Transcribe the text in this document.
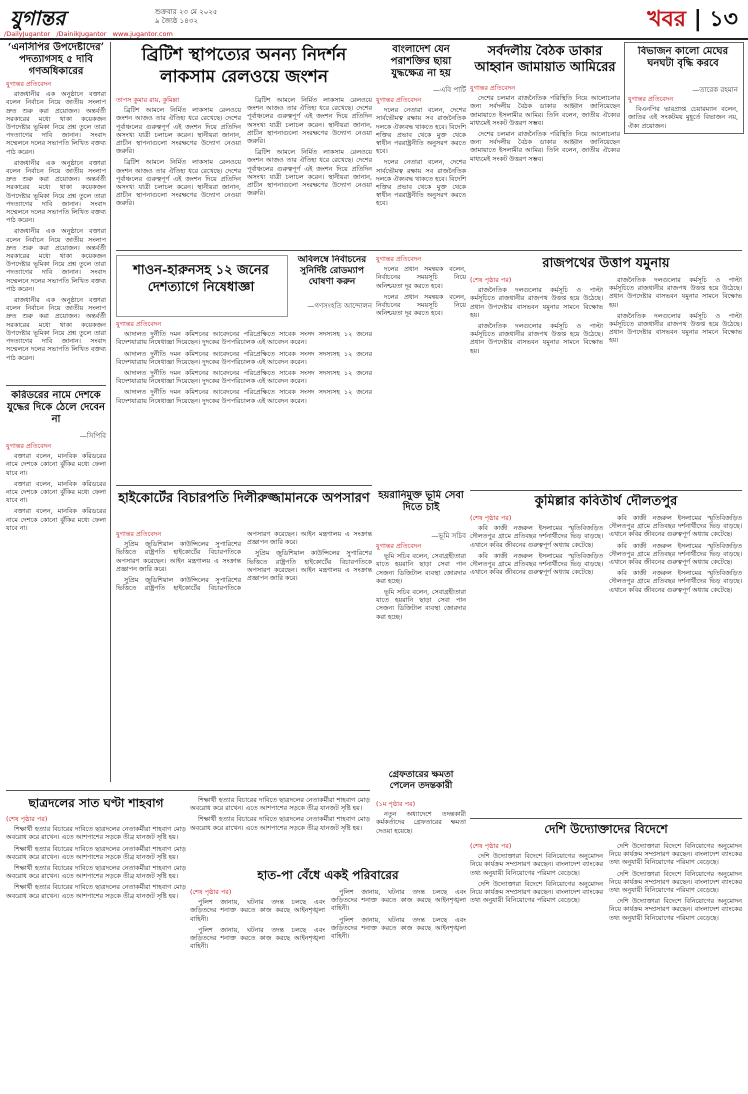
যুগান্তর	শুক্রবার ২৩ মে ২০২৫
৯ জ্যৈষ্ঠ ১৪৩২
/DailyJugantor /DainikJugantor www.jugantor.com
খবর | ১৩
‘এনসিপির উপদেষ্টাদের’ পদত্যাগসহ ৫ দাবি গণঅধিকারের
যুগান্তর প্রতিবেদন

রাজধানীর এক অনুষ্ঠানে বক্তারা বলেন নির্বাচন নিয়ে জাতীয় সংলাপ দ্রুত শুরু করা প্রয়োজন। অন্তর্বর্তী সরকারের মধ্যে থাকা কয়েকজন উপদেষ্টার ভূমিকা নিয়ে প্রশ্ন তুলে তারা পদত্যাগের দাবি জানান। সংবাদ সম্মেলনে দলের সভাপতি লিখিত বক্তব্য পাঠ করেন।

রাজধানীর এক অনুষ্ঠানে বক্তারা বলেন নির্বাচন নিয়ে জাতীয় সংলাপ দ্রুত শুরু করা প্রয়োজন। অন্তর্বর্তী সরকারের মধ্যে থাকা কয়েকজন উপদেষ্টার ভূমিকা নিয়ে প্রশ্ন তুলে তারা পদত্যাগের দাবি জানান। সংবাদ সম্মেলনে দলের সভাপতি লিখিত বক্তব্য পাঠ করেন।

রাজধানীর এক অনুষ্ঠানে বক্তারা বলেন নির্বাচন নিয়ে জাতীয় সংলাপ দ্রুত শুরু করা প্রয়োজন। অন্তর্বর্তী সরকারের মধ্যে থাকা কয়েকজন উপদেষ্টার ভূমিকা নিয়ে প্রশ্ন তুলে তারা পদত্যাগের দাবি জানান। সংবাদ সম্মেলনে দলের সভাপতি লিখিত বক্তব্য পাঠ করেন।

রাজধানীর এক অনুষ্ঠানে বক্তারা বলেন নির্বাচন নিয়ে জাতীয় সংলাপ দ্রুত শুরু করা প্রয়োজন। অন্তর্বর্তী সরকারের মধ্যে থাকা কয়েকজন উপদেষ্টার ভূমিকা নিয়ে প্রশ্ন তুলে তারা পদত্যাগের দাবি জানান। সংবাদ সম্মেলনে দলের সভাপতি লিখিত বক্তব্য পাঠ করেন।

করিডরের নামে দেশকে যুদ্ধের দিকে ঠেলে দেবেন না
—সিপিবি
যুগান্তর প্রতিবেদন

বক্তারা বলেন, মানবিক করিডরের নামে দেশকে কোনো ঝুঁকির মধ্যে ফেলা যাবে না।

বক্তারা বলেন, মানবিক করিডরের নামে দেশকে কোনো ঝুঁকির মধ্যে ফেলা যাবে না।

বক্তারা বলেন, মানবিক করিডরের নামে দেশকে কোনো ঝুঁকির মধ্যে ফেলা যাবে না।

ব্রিটিশ স্থাপত্যের অনন্য নিদর্শন লাকসাম রেলওয়ে জংশন
তাপস কুমার রায়, কুমিল্লা

ব্রিটিশ আমলে নির্মিত লাকসাম রেলওয়ে জংশন আজও তার ঐতিহ্য ধরে রেখেছে। দেশের পূর্বাঞ্চলের গুরুত্বপূর্ণ এই জংশন দিয়ে প্রতিদিন অসংখ্য যাত্রী চলাচল করেন। স্থানীয়রা জানান, প্রাচীন স্থাপনাগুলো সংরক্ষণের উদ্যোগ নেওয়া জরুরি।

ব্রিটিশ আমলে নির্মিত লাকসাম রেলওয়ে জংশন আজও তার ঐতিহ্য ধরে রেখেছে। দেশের পূর্বাঞ্চলের গুরুত্বপূর্ণ এই জংশন দিয়ে প্রতিদিন অসংখ্য যাত্রী চলাচল করেন। স্থানীয়রা জানান, প্রাচীন স্থাপনাগুলো সংরক্ষণের উদ্যোগ নেওয়া জরুরি।

ব্রিটিশ আমলে নির্মিত লাকসাম রেলওয়ে জংশন আজও তার ঐতিহ্য ধরে রেখেছে। দেশের পূর্বাঞ্চলের গুরুত্বপূর্ণ এই জংশন দিয়ে প্রতিদিন অসংখ্য যাত্রী চলাচল করেন। স্থানীয়রা জানান, প্রাচীন স্থাপনাগুলো সংরক্ষণের উদ্যোগ নেওয়া জরুরি।

ব্রিটিশ আমলে নির্মিত লাকসাম রেলওয়ে জংশন আজও তার ঐতিহ্য ধরে রেখেছে। দেশের পূর্বাঞ্চলের গুরুত্বপূর্ণ এই জংশন দিয়ে প্রতিদিন অসংখ্য যাত্রী চলাচল করেন। স্থানীয়রা জানান, প্রাচীন স্থাপনাগুলো সংরক্ষণের উদ্যোগ নেওয়া জরুরি।

বাংলাদেশ যেন পরাশক্তির ছায়া যুদ্ধক্ষেত্র না হয়
—এবি পার্টি
যুগান্তর প্রতিবেদন

দলের নেতারা বলেন, দেশের সার্বভৌমত্ব রক্ষায় সব রাজনৈতিক দলকে ঐক্যবদ্ধ থাকতে হবে। বিদেশি শক্তির প্রভাব থেকে মুক্ত থেকে স্বাধীন পররাষ্ট্রনীতি অনুসরণ করতে হবে।

দলের নেতারা বলেন, দেশের সার্বভৌমত্ব রক্ষায় সব রাজনৈতিক দলকে ঐক্যবদ্ধ থাকতে হবে। বিদেশি শক্তির প্রভাব থেকে মুক্ত থেকে স্বাধীন পররাষ্ট্রনীতি অনুসরণ করতে হবে।

সর্বদলীয় বৈঠক ডাকার আহ্বান জামায়াত আমিরের
যুগান্তর প্রতিবেদন

দেশের চলমান রাজনৈতিক পরিস্থিতি নিয়ে আলোচনার জন্য সর্বদলীয় বৈঠক ডাকার আহ্বান জানিয়েছেন জামায়াতে ইসলামীর আমির। তিনি বলেন, জাতীয় ঐক্যের মাধ্যমেই সংকট উত্তরণ সম্ভব।

দেশের চলমান রাজনৈতিক পরিস্থিতি নিয়ে আলোচনার জন্য সর্বদলীয় বৈঠক ডাকার আহ্বান জানিয়েছেন জামায়াতে ইসলামীর আমির। তিনি বলেন, জাতীয় ঐক্যের মাধ্যমেই সংকট উত্তরণ সম্ভব।

বিভাজন কালো মেঘের ঘনঘটা বৃদ্ধি করবে
—তারেক রহমান
যুগান্তর প্রতিবেদন

বিএনপির ভারপ্রাপ্ত চেয়ারম্যান বলেন, জাতির এই সংকটময় মুহূর্তে বিভাজন নয়, ঐক্য প্রয়োজন।

শাওন-হারুনসহ ১২ জনের দেশত্যাগে নিষেধাজ্ঞা
যুগান্তর প্রতিবেদন

আদালত দুর্নীতি দমন কমিশনের আবেদনের পরিপ্রেক্ষিতে সাবেক সংসদ সদস্যসহ ১২ জনের বিদেশযাত্রায় নিষেধাজ্ঞা দিয়েছেন। দুদকের উপপরিচালক এই আবেদন করেন।

আদালত দুর্নীতি দমন কমিশনের আবেদনের পরিপ্রেক্ষিতে সাবেক সংসদ সদস্যসহ ১২ জনের বিদেশযাত্রায় নিষেধাজ্ঞা দিয়েছেন। দুদকের উপপরিচালক এই আবেদন করেন।

আদালত দুর্নীতি দমন কমিশনের আবেদনের পরিপ্রেক্ষিতে সাবেক সংসদ সদস্যসহ ১২ জনের বিদেশযাত্রায় নিষেধাজ্ঞা দিয়েছেন। দুদকের উপপরিচালক এই আবেদন করেন।

আদালত দুর্নীতি দমন কমিশনের আবেদনের পরিপ্রেক্ষিতে সাবেক সংসদ সদস্যসহ ১২ জনের বিদেশযাত্রায় নিষেধাজ্ঞা দিয়েছেন। দুদকের উপপরিচালক এই আবেদন করেন।

অবিলম্বে নির্বাচনের সুনির্দিষ্ট রোডম্যাপ ঘোষণা করুন
—গণসংহতি আন্দোলন
যুগান্তর প্রতিবেদন

দলের প্রধান সমন্বয়ক বলেন, নির্বাচনের সময়সূচি নিয়ে অনিশ্চয়তা দূর করতে হবে।

দলের প্রধান সমন্বয়ক বলেন, নির্বাচনের সময়সূচি নিয়ে অনিশ্চয়তা দূর করতে হবে।

রাজপথের উত্তাপ যমুনায়
(শেষ পৃষ্ঠার পর)

রাজনৈতিক দলগুলোর কর্মসূচি ও পাল্টা কর্মসূচিতে রাজধানীর রাজপথ উত্তপ্ত হয়ে উঠেছে। প্রধান উপদেষ্টার বাসভবন যমুনার সামনে বিক্ষোভ হয়।

রাজনৈতিক দলগুলোর কর্মসূচি ও পাল্টা কর্মসূচিতে রাজধানীর রাজপথ উত্তপ্ত হয়ে উঠেছে। প্রধান উপদেষ্টার বাসভবন যমুনার সামনে বিক্ষোভ হয়।

রাজনৈতিক দলগুলোর কর্মসূচি ও পাল্টা কর্মসূচিতে রাজধানীর রাজপথ উত্তপ্ত হয়ে উঠেছে। প্রধান উপদেষ্টার বাসভবন যমুনার সামনে বিক্ষোভ হয়।

রাজনৈতিক দলগুলোর কর্মসূচি ও পাল্টা কর্মসূচিতে রাজধানীর রাজপথ উত্তপ্ত হয়ে উঠেছে। প্রধান উপদেষ্টার বাসভবন যমুনার সামনে বিক্ষোভ হয়।

হয়রানিমুক্ত ভূমি সেবা দিতে চাই
—ভূমি সচিব
যুগান্তর প্রতিবেদন

ভূমি সচিব বলেন, সেবাগ্রহীতারা যাতে হয়রানি ছাড়া সেবা পান সেজন্য ডিজিটাল ব্যবস্থা জোরদার করা হচ্ছে।

ভূমি সচিব বলেন, সেবাগ্রহীতারা যাতে হয়রানি ছাড়া সেবা পান সেজন্য ডিজিটাল ব্যবস্থা জোরদার করা হচ্ছে।

কুমিল্লার কবিতীর্থ দৌলতপুর
(শেষ পৃষ্ঠার পর)

কবি কাজী নজরুল ইসলামের স্মৃতিবিজড়িত দৌলতপুর গ্রামে প্রতিবছর দর্শনার্থীদের ভিড় বাড়ছে। এখানে কবির জীবনের গুরুত্বপূর্ণ অধ্যায় কেটেছে।

কবি কাজী নজরুল ইসলামের স্মৃতিবিজড়িত দৌলতপুর গ্রামে প্রতিবছর দর্শনার্থীদের ভিড় বাড়ছে। এখানে কবির জীবনের গুরুত্বপূর্ণ অধ্যায় কেটেছে।

কবি কাজী নজরুল ইসলামের স্মৃতিবিজড়িত দৌলতপুর গ্রামে প্রতিবছর দর্শনার্থীদের ভিড় বাড়ছে। এখানে কবির জীবনের গুরুত্বপূর্ণ অধ্যায় কেটেছে।

কবি কাজী নজরুল ইসলামের স্মৃতিবিজড়িত দৌলতপুর গ্রামে প্রতিবছর দর্শনার্থীদের ভিড় বাড়ছে। এখানে কবির জীবনের গুরুত্বপূর্ণ অধ্যায় কেটেছে।

কবি কাজী নজরুল ইসলামের স্মৃতিবিজড়িত দৌলতপুর গ্রামে প্রতিবছর দর্শনার্থীদের ভিড় বাড়ছে। এখানে কবির জীবনের গুরুত্বপূর্ণ অধ্যায় কেটেছে।

হাইকোর্টের বিচারপতি দিলীরুজ্জামানকে অপসারণ
যুগান্তর প্রতিবেদন

সুপ্রিম জুডিশিয়াল কাউন্সিলের সুপারিশের ভিত্তিতে রাষ্ট্রপতি হাইকোর্টের বিচারপতিকে অপসারণ করেছেন। আইন মন্ত্রণালয় এ সংক্রান্ত প্রজ্ঞাপন জারি করে।

সুপ্রিম জুডিশিয়াল কাউন্সিলের সুপারিশের ভিত্তিতে রাষ্ট্রপতি হাইকোর্টের বিচারপতিকে অপসারণ করেছেন। আইন মন্ত্রণালয় এ সংক্রান্ত প্রজ্ঞাপন জারি করে।

সুপ্রিম জুডিশিয়াল কাউন্সিলের সুপারিশের ভিত্তিতে রাষ্ট্রপতি হাইকোর্টের বিচারপতিকে অপসারণ করেছেন। আইন মন্ত্রণালয় এ সংক্রান্ত প্রজ্ঞাপন জারি করে।

গ্রেফতারের ক্ষমতা পেলেন তদন্তকারী
(১ম পৃষ্ঠার পর)

নতুন অধ্যাদেশে তদন্তকারী কর্মকর্তাদের গ্রেফতারের ক্ষমতা দেওয়া হয়েছে।

ছাত্রদলের সাত ঘণ্টা শাহবাগ
(শেষ পৃষ্ঠার পর)

শিক্ষার্থী হত্যার বিচারের দাবিতে ছাত্রদলের নেতাকর্মীরা শাহবাগ মোড় অবরোধ করে রাখেন। এতে আশপাশের সড়কে তীব্র যানজট সৃষ্টি হয়।

শিক্ষার্থী হত্যার বিচারের দাবিতে ছাত্রদলের নেতাকর্মীরা শাহবাগ মোড় অবরোধ করে রাখেন। এতে আশপাশের সড়কে তীব্র যানজট সৃষ্টি হয়।

শিক্ষার্থী হত্যার বিচারের দাবিতে ছাত্রদলের নেতাকর্মীরা শাহবাগ মোড় অবরোধ করে রাখেন। এতে আশপাশের সড়কে তীব্র যানজট সৃষ্টি হয়।

শিক্ষার্থী হত্যার বিচারের দাবিতে ছাত্রদলের নেতাকর্মীরা শাহবাগ মোড় অবরোধ করে রাখেন। এতে আশপাশের সড়কে তীব্র যানজট সৃষ্টি হয়।

শিক্ষার্থী হত্যার বিচারের দাবিতে ছাত্রদলের নেতাকর্মীরা শাহবাগ মোড় অবরোধ করে রাখেন। এতে আশপাশের সড়কে তীব্র যানজট সৃষ্টি হয়।

শিক্ষার্থী হত্যার বিচারের দাবিতে ছাত্রদলের নেতাকর্মীরা শাহবাগ মোড় অবরোধ করে রাখেন। এতে আশপাশের সড়কে তীব্র যানজট সৃষ্টি হয়।

হাত-পা বেঁধে একই পরিবারের
(শেষ পৃষ্ঠার পর)

পুলিশ জানায়, ঘটনার তদন্ত চলছে এবং জড়িতদের শনাক্ত করতে কাজ করছে আইনশৃঙ্খলা বাহিনী।

পুলিশ জানায়, ঘটনার তদন্ত চলছে এবং জড়িতদের শনাক্ত করতে কাজ করছে আইনশৃঙ্খলা বাহিনী।

পুলিশ জানায়, ঘটনার তদন্ত চলছে এবং জড়িতদের শনাক্ত করতে কাজ করছে আইনশৃঙ্খলা বাহিনী।

পুলিশ জানায়, ঘটনার তদন্ত চলছে এবং জড়িতদের শনাক্ত করতে কাজ করছে আইনশৃঙ্খলা বাহিনী।

দেশি উদ্যোক্তাদের বিদেশে
(শেষ পৃষ্ঠার পর)

দেশি উদ্যোক্তারা বিদেশে বিনিয়োগের অনুমোদন নিয়ে কার্যক্রম সম্প্রসারণ করছেন। বাংলাদেশ ব্যাংকের তথ্য অনুযায়ী বিনিয়োগের পরিমাণ বেড়েছে।

দেশি উদ্যোক্তারা বিদেশে বিনিয়োগের অনুমোদন নিয়ে কার্যক্রম সম্প্রসারণ করছেন। বাংলাদেশ ব্যাংকের তথ্য অনুযায়ী বিনিয়োগের পরিমাণ বেড়েছে।

দেশি উদ্যোক্তারা বিদেশে বিনিয়োগের অনুমোদন নিয়ে কার্যক্রম সম্প্রসারণ করছেন। বাংলাদেশ ব্যাংকের তথ্য অনুযায়ী বিনিয়োগের পরিমাণ বেড়েছে।

দেশি উদ্যোক্তারা বিদেশে বিনিয়োগের অনুমোদন নিয়ে কার্যক্রম সম্প্রসারণ করছেন। বাংলাদেশ ব্যাংকের তথ্য অনুযায়ী বিনিয়োগের পরিমাণ বেড়েছে।

দেশি উদ্যোক্তারা বিদেশে বিনিয়োগের অনুমোদন নিয়ে কার্যক্রম সম্প্রসারণ করছেন। বাংলাদেশ ব্যাংকের তথ্য অনুযায়ী বিনিয়োগের পরিমাণ বেড়েছে।
